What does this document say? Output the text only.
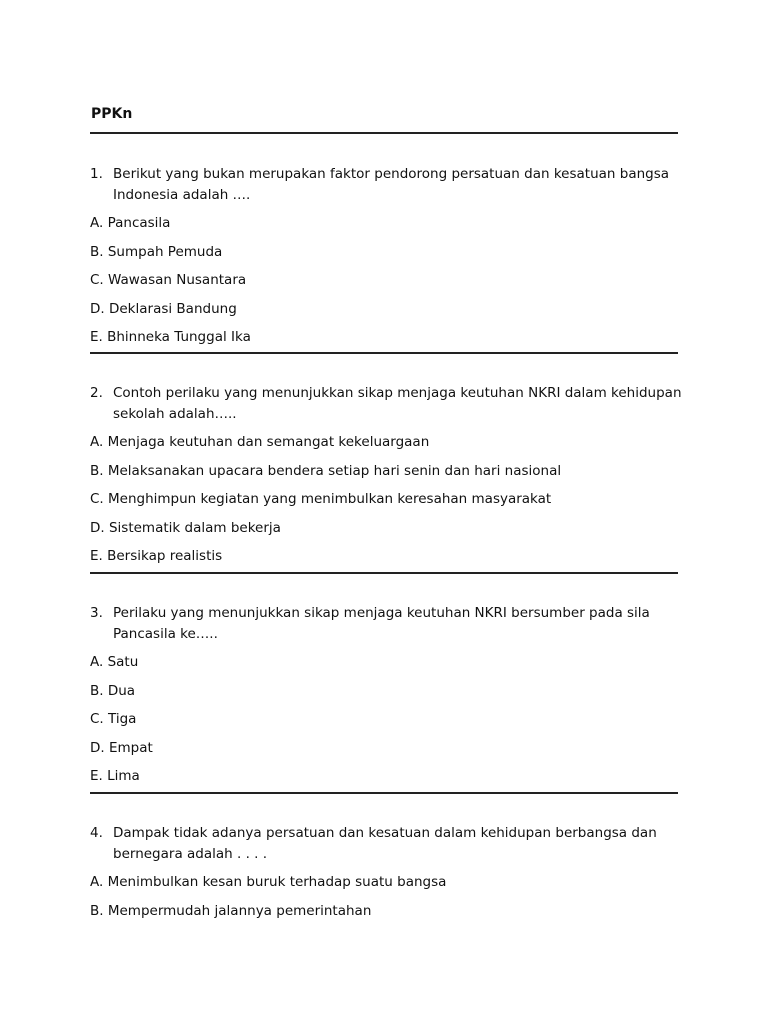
PPKn
1. Berikut yang bukan merupakan faktor pendorong persatuan dan kesatuan bangsa Indonesia adalah ….
A. Pancasila
B. Sumpah Pemuda
C. Wawasan Nusantara
D. Deklarasi Bandung
E. Bhinneka Tunggal Ika
2. Contoh perilaku yang menunjukkan sikap menjaga keutuhan NKRI dalam kehidupan sekolah adalah…..
A. Menjaga keutuhan dan semangat kekeluargaan
B. Melaksanakan upacara bendera setiap hari senin dan hari nasional
C. Menghimpun kegiatan yang menimbulkan keresahan masyarakat
D. Sistematik dalam bekerja
E. Bersikap realistis
3. Perilaku yang menunjukkan sikap menjaga keutuhan NKRI bersumber pada sila Pancasila ke…..
A. Satu
B. Dua
C. Tiga
D. Empat
E. Lima
4. Dampak tidak adanya persatuan dan kesatuan dalam kehidupan berbangsa dan bernegara adalah . . . .
A. Menimbulkan kesan buruk terhadap suatu bangsa
B. Mempermudah jalannya pemerintahan
